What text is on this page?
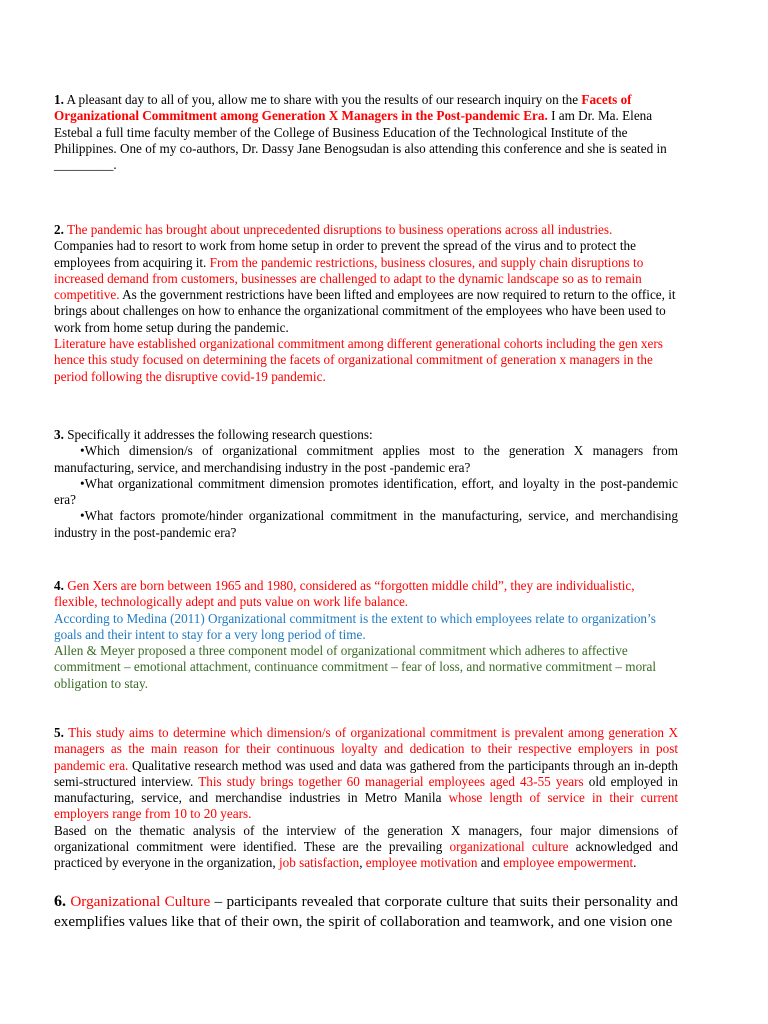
1. A pleasant day to all of you, allow me to share with you the results of our research inquiry on the Facets of Organizational Commitment among Generation X Managers in the Post-pandemic Era. I am Dr. Ma. Elena Estebal a full time faculty member of the College of Business Education of the Technological Institute of the Philippines. One of my co-authors, Dr. Dassy Jane Benogsudan is also attending this conference and she is seated in _________.

2. The pandemic has brought about unprecedented disruptions to business operations across all industries.
Companies had to resort to work from home setup in order to prevent the spread of the virus and to protect the employees from acquiring it. From the pandemic restrictions, business closures, and supply chain disruptions to increased demand from customers, businesses are challenged to adapt to the dynamic landscape so as to remain competitive. As the government restrictions have been lifted and employees are now required to return to the office, it brings about challenges on how to enhance the organizational commitment of the employees who have been used to work from home setup during the pandemic.
Literature have established organizational commitment among different generational cohorts including the gen xers hence this study focused on determining the facets of organizational commitment of generation x managers in the period following the disruptive covid-19 pandemic.

3. Specifically it addresses the following research questions:
•Which dimension/s of organizational commitment applies most to the generation X managers from manufacturing, service, and merchandising industry in the post -pandemic era?
•What organizational commitment dimension promotes identification, effort, and loyalty in the post-pandemic era?
•What factors promote/hinder organizational commitment in the manufacturing, service, and merchandising industry in the post-pandemic era?

4. Gen Xers are born between 1965 and 1980, considered as “forgotten middle child”, they are individualistic, flexible, technologically adept and puts value on work life balance.
According to Medina (2011) Organizational commitment is the extent to which employees relate to organization’s goals and their intent to stay for a very long period of time.
Allen & Meyer proposed a three component model of organizational commitment which adheres to affective commitment – emotional attachment, continuance commitment – fear of loss, and normative commitment – moral obligation to stay.

5. This study aims to determine which dimension/s of organizational commitment is prevalent among generation X managers as the main reason for their continuous loyalty and dedication to their respective employers in post pandemic era. Qualitative research method was used and data was gathered from the participants through an in-depth semi-structured interview. This study brings together 60 managerial employees aged 43-55 years old employed in manufacturing, service, and merchandise industries in Metro Manila whose length of service in their current employers range from 10 to 20 years.
Based on the thematic analysis of the interview of the generation X managers, four major dimensions of organizational commitment were identified. These are the prevailing organizational culture acknowledged and practiced by everyone in the organization, job satisfaction, employee motivation and employee empowerment.

6. Organizational Culture – participants revealed that corporate culture that suits their personality and exemplifies values like that of their own, the spirit of collaboration and teamwork, and one vision one
